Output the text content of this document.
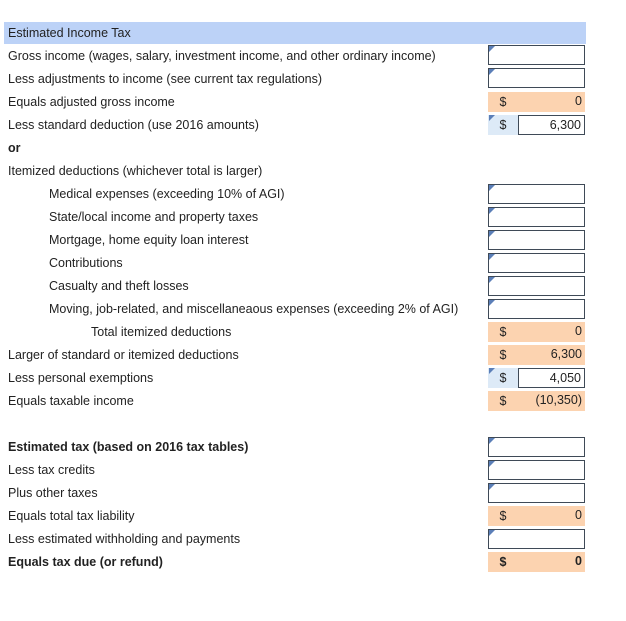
Estimated Income Tax
Gross income (wages, salary, investment income, and other ordinary income)
Less adjustments to income (see current tax regulations)
Equals adjusted gross income	$	0
Less standard deduction (use 2016 amounts)	$	6,300
or
Itemized deductions (whichever total is larger)
Medical expenses (exceeding 10% of AGI)
State/local income and property taxes
Mortgage, home equity loan interest
Contributions
Casualty and theft losses
Moving, job-related, and miscellaneaous expenses (exceeding 2% of AGI)
Total itemized deductions	$	0
Larger of standard or itemized deductions	$	6,300
Less personal exemptions	$	4,050
Equals taxable income	$	(10,350)
Estimated tax (based on 2016 tax tables)
Less tax credits
Plus other taxes
Equals total tax liability	$	0
Less estimated withholding and payments
Equals tax due (or refund)	$	0
